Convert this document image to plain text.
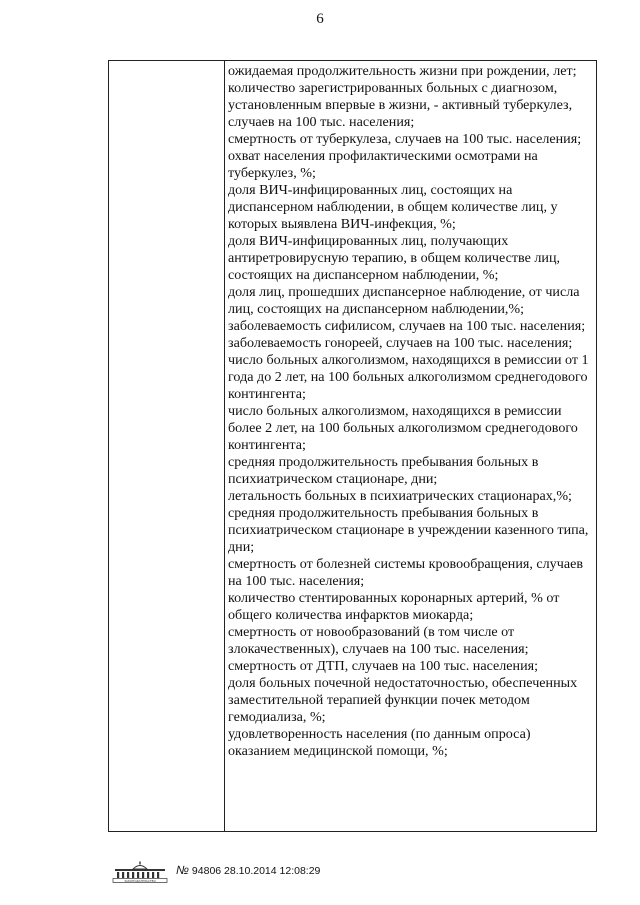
6
ожидаемая продолжительность жизни при рождении, лет;
количество зарегистрированных больных с диагнозом, установленным впервые в жизни, - активный туберкулез, случаев на 100 тыс. населения;
смертность от туберкулеза, случаев на 100 тыс. населения;
охват населения профилактическими осмотрами на туберкулез, %;
доля ВИЧ-инфицированных лиц, состоящих на диспансерном наблюдении, в общем количестве лиц, у которых выявлена ВИЧ-инфекция, %;
доля ВИЧ-инфицированных лиц, получающих антиретровирусную терапию, в общем количестве лиц, состоящих на диспансерном наблюдении, %;
доля лиц, прошедших диспансерное наблюдение, от числа лиц, состоящих на диспансерном наблюдении,%;
заболеваемость сифилисом, случаев на 100 тыс. населения;
заболеваемость гонореей, случаев на 100 тыс. населения;
число больных алкоголизмом, находящихся в ремиссии от 1 года до 2 лет, на 100 больных алкоголизмом среднегодового контингента;
число больных алкоголизмом, находящихся в ремиссии более 2 лет, на 100 больных алкоголизмом среднегодового контингента;
средняя продолжительность пребывания больных в психиатрическом стационаре, дни;
летальность больных в психиатрических стационарах,%;
средняя продолжительность пребывания больных в психиатрическом стационаре в учреждении казенного типа, дни;
смертность от болезней системы кровообращения, случаев на 100 тыс. населения;
количество стентированных коронарных артерий, % от общего количества инфарктов миокарда;
смертность от новообразований (в том числе от злокачественных), случаев на 100 тыс. населения;
смертность от ДТП, случаев на 100 тыс. населения;
доля больных почечной недостаточностью, обеспеченных заместительной терапией функции почек методом гемодиализа, %;
удовлетворенность населения (по данным опроса) оказанием медицинской помощи, %;
ЗАКОНОДАТЕЛЬСТВО
№ 94806 28.10.2014 12:08:29
